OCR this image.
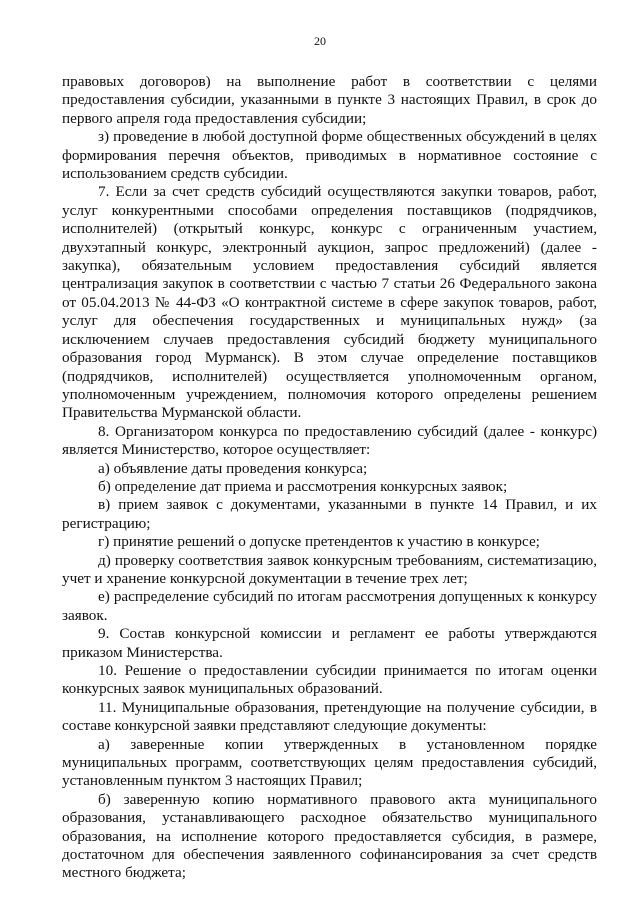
20

правовых договоров) на выполнение работ в соответствии с целями предоставления субсидии, указанными в пункте 3 настоящих Правил, в срок до первого апреля года предоставления субсидии;

з) проведение в любой доступной форме общественных обсуждений в целях формирования перечня объектов, приводимых в нормативное состояние с использованием средств субсидии.

7. Если за счет средств субсидий осуществляются закупки товаров, работ, услуг конкурентными способами определения поставщиков (подрядчиков, исполнителей) (открытый конкурс, конкурс с ограниченным участием, двухэтапный конкурс, электронный аукцион, запрос предложений) (далее - закупка), обязательным условием предоставления субсидий является централизация закупок в соответствии с частью 7 статьи 26 Федерального закона от 05.04.2013 № 44-ФЗ «О контрактной системе в сфере закупок товаров, работ, услуг для обеспечения государственных и муниципальных нужд» (за исключением случаев предоставления субсидий бюджету муниципального образования город Мурманск). В этом случае определение поставщиков (подрядчиков, исполнителей) осуществляется уполномоченным органом, уполномоченным учреждением, полномочия которого определены решением Правительства Мурманской области.

8. Организатором конкурса по предоставлению субсидий (далее - конкурс) является Министерство, которое осуществляет:

а) объявление даты проведения конкурса;

б) определение дат приема и рассмотрения конкурсных заявок;

в) прием заявок с документами, указанными в пункте 14 Правил, и их регистрацию;

г) принятие решений о допуске претендентов к участию в конкурсе;

д) проверку соответствия заявок конкурсным требованиям, систематизацию, учет и хранение конкурсной документации в течение трех лет;

е) распределение субсидий по итогам рассмотрения допущенных к конкурсу заявок.

9. Состав конкурсной комиссии и регламент ее работы утверждаются приказом Министерства.

10. Решение о предоставлении субсидии принимается по итогам оценки конкурсных заявок муниципальных образований.

11. Муниципальные образования, претендующие на получение субсидии, в составе конкурсной заявки представляют следующие документы:

а) заверенные копии утвержденных в установленном порядке муниципальных программ, соответствующих целям предоставления субсидий, установленным пунктом 3 настоящих Правил;

б) заверенную копию нормативного правового акта муниципального образования, устанавливающего расходное обязательство муниципального образования, на исполнение которого предоставляется субсидия, в размере, достаточном для обеспечения заявленного софинансирования за счет средств местного бюджета;
